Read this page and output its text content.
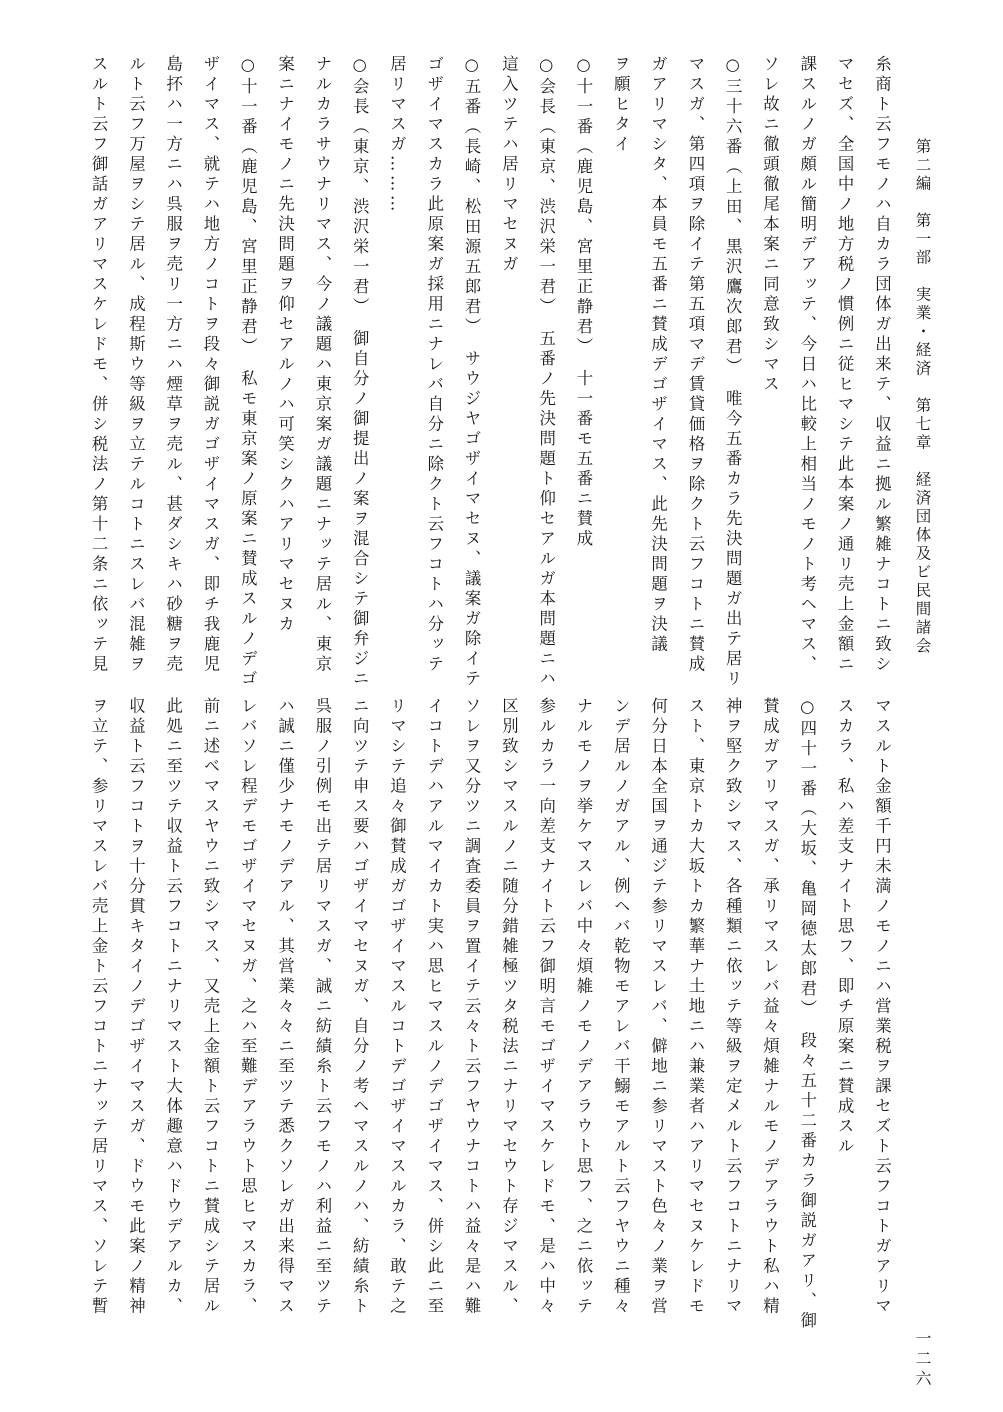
第二編　第一部　実業・経済　第七章　経済団体及ビ民間諸会
一二六
糸商ト云フモノハ自カラ団体ガ出来テ、収益ニ拠ル繁雑ナコトニ致シ
マセズ、全国中ノ地方税ノ慣例ニ従ヒマシテ此本案ノ通リ売上金額ニ
課スルノガ頗ル簡明デアッテ、今日ハ比較上相当ノモノト考ヘマス、
ソレ故ニ徹頭徹尾本案ニ同意致シマス
○三十六番（上田、黒沢鷹次郎君）　唯今五番カラ先決問題ガ出テ居リ
マスガ、第四項ヲ除イテ第五項マデ賃貸価格ヲ除クト云フコトニ賛成
ガアリマシタ、本員モ五番ニ賛成デゴザイマス、此先決問題ヲ決議
ヲ願ヒタイ
○十一番（鹿児島、宮里正静君）　十一番モ五番ニ賛成
○会長（東京、渋沢栄一君）　五番ノ先決問題ト仰セアルガ本問題ニハ
這入ツテハ居リマセヌガ
○五番（長崎、松田源五郎君）　サウジヤゴザイマセヌ、議案ガ除イテ
ゴザイマスカラ此原案ガ採用ニナレバ自分ニ除クト云フコトハ分ッテ
居リマスガ………
○会長（東京、渋沢栄一君）　御自分ノ御提出ノ案ヲ混合シテ御弁ジニ
ナルカラサウナリマス、今ノ議題ハ東京案ガ議題ニナッテ居ル、東京
案ニナイモノニ先決問題ヲ仰セアルノハ可笑シクハアリマセヌカ
○十一番（鹿児島、宮里正静君）　私モ東京案ノ原案ニ賛成スルノデゴ
ザイマス、就テハ地方ノコトヲ段々御説ガゴザイマスガ、即チ我鹿児
島抔ハ一方ニハ呉服ヲ売リ一方ニハ煙草ヲ売ル、甚ダシキハ砂糖ヲ売
ルト云フ万屋ヲシテ居ル、成程斯ウ等級ヲ立テルコトニスレバ混雑ヲ
スルト云フ御話ガアリマスケレドモ、併シ税法ノ第十二条ニ依ッテ見
マスルト金額千円未満ノモノニハ営業税ヲ課セズト云フコトガアリマ
スカラ、私ハ差支ナイト思フ、即チ原案ニ賛成スル
○四十一番（大坂、亀岡徳太郎君）　段々五十二番カラ御説ガアリ、御
賛成ガアリマスガ、承リマスレバ益々煩雑ナルモノデアラウト私ハ精
神ヲ堅ク致シマス、各種類ニ依ッテ等級ヲ定メルト云フコトニナリマ
スト、東京トカ大坂トカ繁華ナ土地ニハ兼業者ハアリマセヌケレドモ
何分日本全国ヲ通ジテ参リマスレバ、僻地ニ参リマスト色々ノ業ヲ営
ンデ居ルノガアル、例ヘバ乾物モアレバ干鰯モアルト云フヤウニ種々
ナルモノヲ挙ケマスレバ中々煩雑ノモノデアラウト思フ、之ニ依ッテ
参ルカラ一向差支ナイト云フ御明言モゴザイマスケレドモ、是ハ中々
区別致シマスルノニ随分錯雑極ツタ税法ニナリマセウト存ジマスル、
ソレヲ又分ツニ調査委員ヲ置イテ云々ト云フヤウナコトハ益々是ハ難
イコトデハアルマイカト実ハ思ヒマスルノデゴザイマス、併シ此ニ至
リマシテ追々御賛成ガゴザイマスルコトデゴザイマスルカラ、敢テ之
ニ向ツテ申ス要ハゴザイマセヌガ、自分ノ考ヘマスルノハ、紡績糸ト
呉服ノ引例モ出テ居リマスガ、誠ニ紡績糸ト云フモノハ利益ニ至ツテ
ハ誠ニ僅少ナモノデアル、其営業々々ニ至ツテ悉クソレガ出来得マス
レバソレ程デモゴザイマセヌガ、之ハ至難デアラウト思ヒマスカラ、
前ニ述ベマスヤウニ致シマス、又売上金額ト云フコトニ賛成シテ居ル
此処ニ至ツテ収益ト云フコトニナリマスト大体趣意ハドウデアルカ、
収益ト云フコトヲ十分貫キタイノデゴザイマスガ、ドウモ此案ノ精神
ヲ立テ、参リマスレバ売上金ト云フコトニナッテ居リマス、ソレテ暫
